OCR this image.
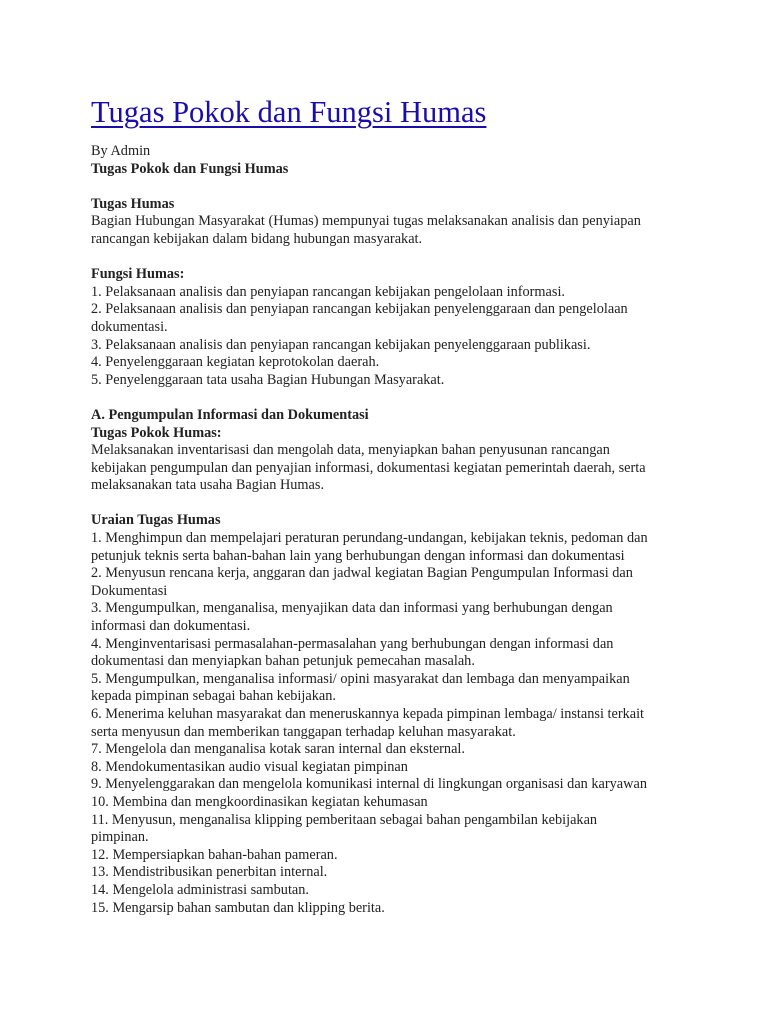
Tugas Pokok dan Fungsi Humas
By Admin
Tugas Pokok dan Fungsi Humas
Tugas Humas
Bagian Hubungan Masyarakat (Humas) mempunyai tugas melaksanakan analisis dan penyiapan
rancangan kebijakan dalam bidang hubungan masyarakat.
Fungsi Humas:
1. Pelaksanaan analisis dan penyiapan rancangan kebijakan pengelolaan informasi.
2. Pelaksanaan analisis dan penyiapan rancangan kebijakan penyelenggaraan dan pengelolaan
dokumentasi.
3. Pelaksanaan analisis dan penyiapan rancangan kebijakan penyelenggaraan publikasi.
4. Penyelenggaraan kegiatan keprotokolan daerah.
5. Penyelenggaraan tata usaha Bagian Hubungan Masyarakat.
A. Pengumpulan Informasi dan Dokumentasi
Tugas Pokok Humas:
Melaksanakan inventarisasi dan mengolah data, menyiapkan bahan penyusunan rancangan
kebijakan pengumpulan dan penyajian informasi, dokumentasi kegiatan pemerintah daerah, serta
melaksanakan tata usaha Bagian Humas.
Uraian Tugas Humas
1. Menghimpun dan mempelajari peraturan perundang-undangan, kebijakan teknis, pedoman dan
petunjuk teknis serta bahan-bahan lain yang berhubungan dengan informasi dan dokumentasi
2. Menyusun rencana kerja, anggaran dan jadwal kegiatan Bagian Pengumpulan Informasi dan
Dokumentasi
3. Mengumpulkan, menganalisa, menyajikan data dan informasi yang berhubungan dengan
informasi dan dokumentasi.
4. Menginventarisasi permasalahan-permasalahan yang berhubungan dengan informasi dan
dokumentasi dan menyiapkan bahan petunjuk pemecahan masalah.
5. Mengumpulkan, menganalisa informasi/ opini masyarakat dan lembaga dan menyampaikan
kepada pimpinan sebagai bahan kebijakan.
6. Menerima keluhan masyarakat dan meneruskannya kepada pimpinan lembaga/ instansi terkait
serta menyusun dan memberikan tanggapan terhadap keluhan masyarakat.
7. Mengelola dan menganalisa kotak saran internal dan eksternal.
8. Mendokumentasikan audio visual kegiatan pimpinan
9. Menyelenggarakan dan mengelola komunikasi internal di lingkungan organisasi dan karyawan
10. Membina dan mengkoordinasikan kegiatan kehumasan
11. Menyusun, menganalisa klipping pemberitaan sebagai bahan pengambilan kebijakan
pimpinan.
12. Mempersiapkan bahan-bahan pameran.
13. Mendistribusikan penerbitan internal.
14. Mengelola administrasi sambutan.
15. Mengarsip bahan sambutan dan klipping berita.
